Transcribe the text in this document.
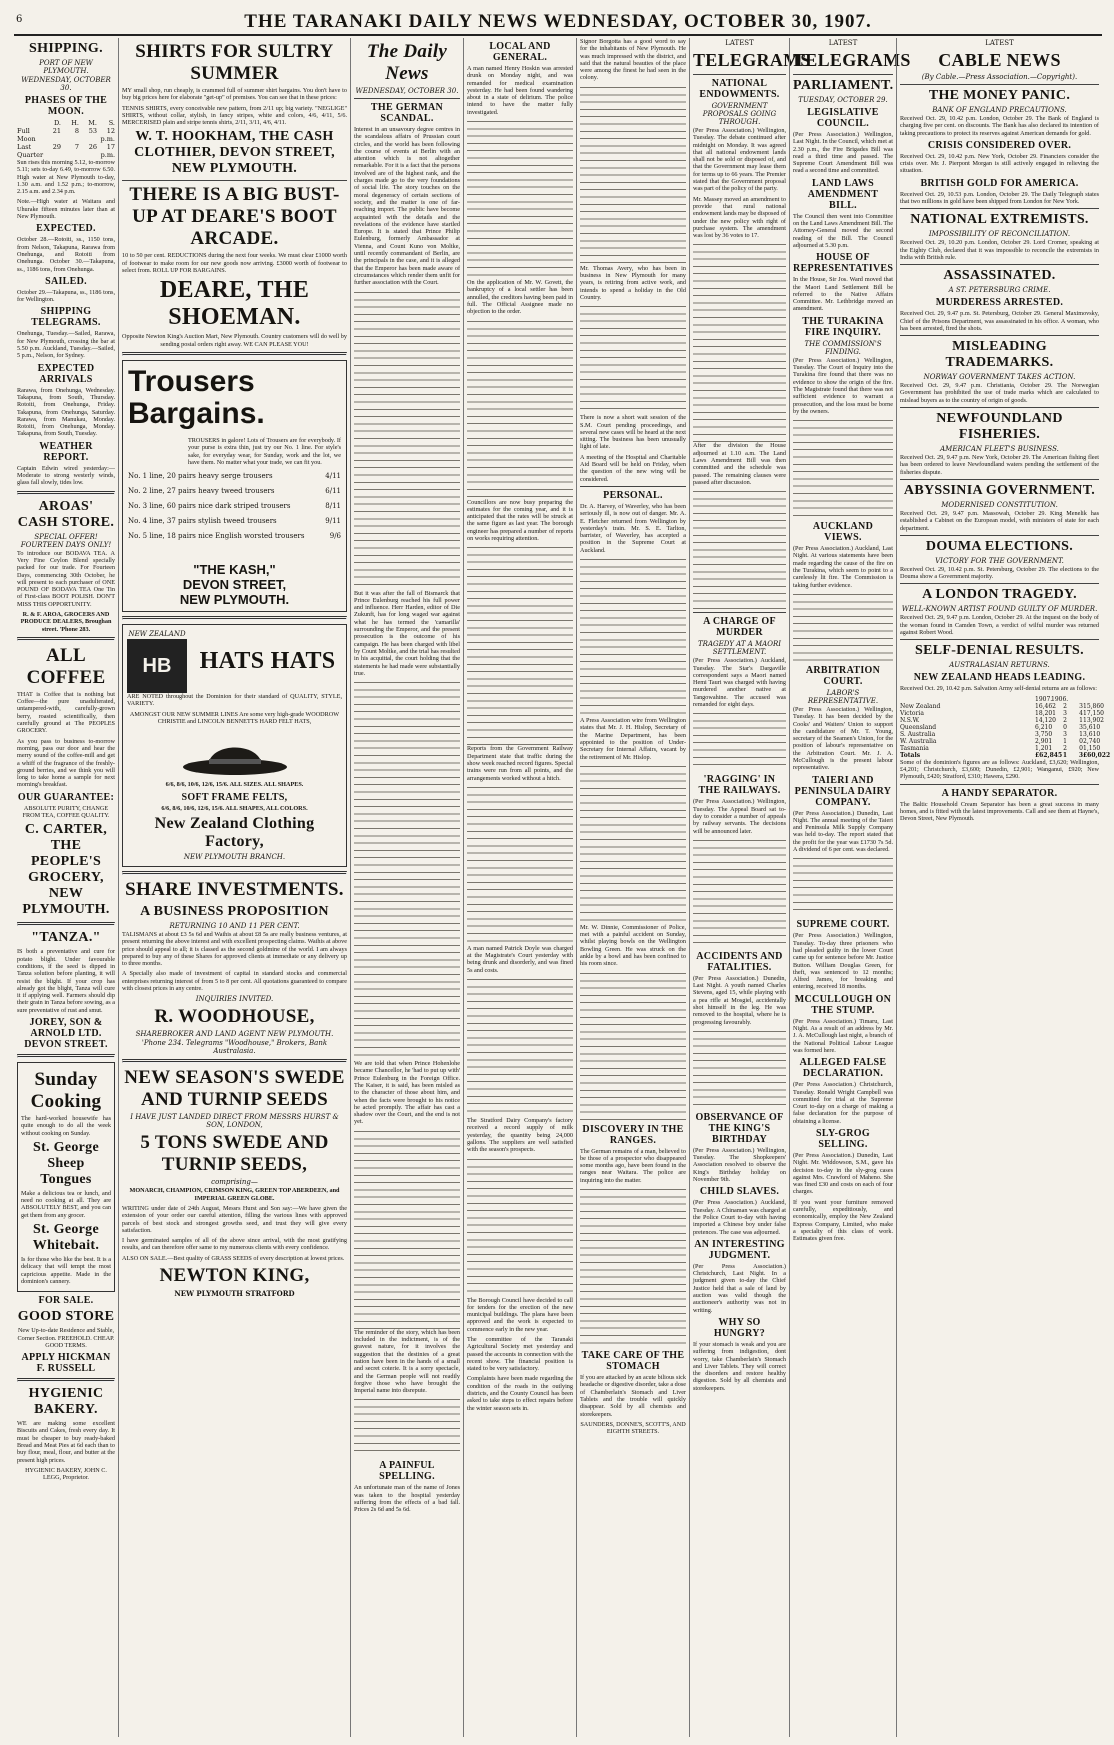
6	THE TARANAKI DAILY NEWS WEDNESDAY, OCTOBER 30, 1907.
SHIPPING.
PORT OF NEW PLYMOUTH.
WEDNESDAY, OCTOBER 30.
PHASES OF THE MOON.
D.	H.	M.	S.
Full Moon
21	8	53	12 p.m.
Last Quarter
29	7	26	17 p.m.

Sun rises this morning 5.12, to-morrow 5.11; sets to-day 6.49, to-morrow 6.50. High water at New Plymouth to-day, 1.30 a.m. and 1.52 p.m.; to-morrow, 2.15 a.m. and 2.34 p.m.

Note.—High water at Waitara and Uhurake fifteen minutes later than at New Plymouth.

EXPECTED.

October 28.—Rotoiti, ss., 1150 tons, from Nelson, Takapuna, Rarawa from Onehunga, and Rotoiti from Onehunga. October 30.—Takapuna, ss., 1186 tons, from Onehunga.

SAILED.

October 29.—Takapuna, ss., 1186 tons, for Wellington.

SHIPPING TELEGRAMS.

Onehunga, Tuesday.—Sailed, Rarawa, for New Plymouth, crossing the bar at 5.50 p.m. Auckland, Tuesday.—Sailed, 5 p.m., Nelson, for Sydney.

EXPECTED ARRIVALS

Rarawa, from Onehunga, Wednesday. Takapuna, from South, Thursday. Rotoiti, from Onehunga, Friday. Takapuna, from Onehunga, Saturday. Rarawa, from Manukau, Monday. Rotoiti, from Onehunga, Monday. Takapuna, from South, Tuesday.

WEATHER REPORT.

Captain Edwin wired yesterday:— Moderate to strong westerly winds, glass fall slowly, tides low.

AROAS' CASH STORE.
SPECIAL OFFER! FOURTEEN DAYS ONLY!

To introduce our BODAVA TEA. A Very Fine Ceylon Blend specially packed for our trade. For Fourteen Days, commencing 30th October, he will present to each purchaser of ONE POUND OF BODAVA TEA One Tin of First-class BOOT POLISH. DON'T MISS THIS OPPORTUNITY.

R. & F. AROA, GROCERS AND PRODUCE DEALERS, Broughan street. 'Phone 283.

ALL COFFEE

THAT is Coffee that is nothing but Coffee—the pure unadulterated, untampered-with, carefully-grown berry, roasted scientifically, then carefully ground at The PEOPLES GROCERY.

As you pass to business to-morrow morning, pass our door and hear the merry sound of the coffee-mill and get a whiff of the fragrance of the freshly-ground berries, and we think you will long to take home a sample for next morning's breakfast.

OUR GUARANTEE:

ABSOLUTE PURITY, CHANGE FROM TEA, COFFEE QUALITY.

C. CARTER, THE PEOPLE'S GROCERY, NEW PLYMOUTH.
"TANZA."

IS both a preventative and cure for potato blight. Under favourable conditions, if the seed is dipped in Tanza solution before planting, it will resist the blight. If your crop has already got the blight, Tanza will cure it if applying well. Farmers should dip their grain in Tanza before sowing, as a sure preventative of rust and smut.

JOREY, SON & ARNOLD LTD. DEVON STREET.
Sunday Cooking

The hard-worked housewife has quite enough to do all the week without cooking on Sunday.

St. George Sheep Tongues

Make a delicious tea or lunch, and need no cooking at all. They are ABSOLUTELY BEST, and you can get them from any grocer.

St. George Whitebait.

Is for those who like the best. It is a delicacy that will tempt the most capricious appetite. Made in the dominion's cannery.

FOR SALE.
GOOD STORE

New Up-to-date Residence and Stable, Corner Section. FREEHOLD. CHEAP. GOOD TERMS.

APPLY HICKMAN F. RUSSELL
HYGIENIC BAKERY.

WE are making some excellent Biscuits and Cakes, fresh every day. It must be cheaper to buy ready-baked Bread and Meat Pies at 6d each than to buy flour, meal, flour, and butter at the present high prices.

HYGIENIC BAKERY, JOHN C. LEGG, Proprietor.

SHIRTS FOR SULTRY SUMMER

MY small shop, run cheaply, is crammed full of summer shirt bargains. You don't have to buy big prices here for elaborate "get-up" of premises. You can see that in these prices:

TENNIS SHIRTS, every conceivable new pattern, from 2/11 up; big variety. "NEGLIGE" SHIRTS, without collar, stylish, in fancy stripes, white and colors, 4/6, 4/11, 5/6. MERCERISED plain and stripe tennis shirts, 2/11, 3/11, 4/6, 4/11.

W. T. HOOKHAM, THE CASH CLOTHIER, DEVON STREET, NEW PLYMOUTH.
THERE IS A BIG BUST-UP AT DEARE'S BOOT ARCADE.

10 to 50 per cent. REDUCTIONS during the next four weeks. We must clear £1000 worth of footwear to make room for our new goods now arriving. £3000 worth of footwear to select from. ROLL UP FOR BARGAINS.

DEARE, THE SHOEMAN.

Opposite Newton King's Auction Mart, New Plymouth. Country customers will do well by sending postal orders right away. WE CAN PLEASE YOU!

Trousers
Bargains.

TROUSERS in galore! Lots of Trousers are for everybody. If your purse is extra thin, just try our No. 1 line. For style's sake, for everyday wear, for Sunday, work and the lot, we have them. No matter what your trade, we can fit you.

No. 1 line, 20 pairs heavy serge trousers	4/11
No. 2 line, 27 pairs heavy tweed trousers	6/11
No. 3 line, 60 pairs nice dark striped trousers	8/11
No. 4 line, 37 pairs stylish tweed trousers	9/11
No. 5 line, 18 pairs nice English worsted trousers	9/6
"THE KASH,"
DEVON STREET,
NEW PLYMOUTH.
NEW ZEALAND
HB	HATS HATS

ARE NOTED throughout the Dominion for their standard of QUALITY, STYLE, VARIETY.

AMONGST OUR NEW SUMMER LINES Are some very high-grade WOODROW CHRISTIE and LINCOLN BENNETTS HARD FELT HATS,

6/6, 8/6, 10/6, 12/6, 15/6. ALL SIZES. ALL SHAPES.

SOFT FRAME FELTS,

6/6, 8/6, 10/6, 12/6, 15/6. ALL SHAPES, ALL COLORS.

New Zealand Clothing Factory,
NEW PLYMOUTH BRANCH.
SHARE INVESTMENTS.
A BUSINESS PROPOSITION
RETURNING 10 AND 11 PER CENT.

TALISMANS at about £3 5s 6d and Waihis at about £8 5s are really business ventures, at present returning the above interest and with excellent prospecting claims. Waihis at above price should appeal to all; it is classed as the second goldmine of the world. I am always prepared to buy any of these Shares for approved clients at immediate or any delivery up to three months.

A Specially also made of investment of capital in standard stocks and commercial enterprises returning interest of from 5 to 8 per cent. All quotations guaranteed to compare with closest prices in any centre.

INQUIRIES INVITED.
R. WOODHOUSE,
SHAREBROKER AND LAND AGENT NEW PLYMOUTH.
'Phone 234. Telegrams "Woodhouse," Brokers, Bank Australasia.
NEW SEASON'S SWEDE AND TURNIP SEEDS
I HAVE JUST LANDED DIRECT FROM MESSRS HURST & SON, LONDON,
5 TONS SWEDE AND TURNIP SEEDS,
comprising—

MONARCH, CHAMPION, CRIMSON KING, GREEN TOP ABERDEEN, and IMPERIAL GREEN GLOBE.

WRITING under date of 24th August, Messrs Hurst and Son say:—We have given the extension of your order our careful attention, filling the various lines with approved parcels of best stock and strongest growths seed, and trust they will give every satisfaction.

I have germinated samples of all of the above since arrival, with the most gratifying results, and can therefore offer same to my numerous clients with every confidence.

ALSO ON SALE.—Best quality of GRASS SEEDS of every description at lowest prices.

NEWTON KING,
NEW PLYMOUTH STRATFORD
The Daily News
WEDNESDAY, OCTOBER 30.
THE GERMAN SCANDAL.

Interest in an unsavoury degree centres in the scandalous affairs of Prussian court circles, and the world has been following the course of events at Berlin with an attention which is not altogether remarkable. For it is a fact that the persons involved are of the highest rank, and the charges made go to the very foundations of social life. The story touches on the moral degeneracy of certain sections of society, and the matter is one of far-reaching import. The public have become acquainted with the details and the revelations of the evidence have startled Europe. It is stated that Prince Philip Eulenburg, formerly Ambassador at Vienna, and Count Kuno von Moltke, until recently commandant of Berlin, are the principals in the case, and it is alleged that the Emperor has been made aware of circumstances which render them unfit for further association with the Court.

But it was after the fall of Bismarck that Prince Eulenburg reached his full power and influence. Herr Harden, editor of Die Zukunft, has for long waged war against what he has termed the 'camarilla' surrounding the Emperor, and the present prosecution is the outcome of his campaign. He has been charged with libel by Count Moltke, and the trial has resulted in his acquittal, the court holding that the statements he had made were substantially true.

We are told that when Prince Hohenlohe became Chancellor, he 'had to put up with' Prince Eulenburg in the Foreign Office. The Kaiser, it is said, has been misled as to the character of those about him, and when the facts were brought to his notice he acted promptly. The affair has cast a shadow over the Court, and the end is not yet.

The reminder of the story, which has been included in the indictment, is of the gravest nature, for it involves the suggestion that the destinies of a great nation have been in the hands of a small and secret coterie. It is a sorry spectacle, and the German people will not readily forgive those who have brought the Imperial name into disrepute.

A PAINFUL SPELLING.

An unfortunate man of the name of Jones was taken to the hospital yesterday suffering from the effects of a bad fall. Prices 2s 6d and 5s 6d.

LOCAL AND GENERAL.

A man named Henry Hoskin was arrested drunk on Monday night, and was remanded for medical examination yesterday. He had been found wandering about in a state of delirium. The police intend to have the matter fully investigated.

On the application of Mr. W. Govett, the bankruptcy of a local settler has been annulled, the creditors having been paid in full. The Official Assignee made no objection to the order.

Councillors are now busy preparing the estimates for the coming year, and it is anticipated that the rates will be struck at the same figure as last year. The borough engineer has prepared a number of reports on works requiring attention.

Reports from the Government Railway Department state that traffic during the show week reached record figures. Special trains were run from all points, and the arrangements worked without a hitch.

A man named Patrick Doyle was charged at the Magistrate's Court yesterday with being drunk and disorderly, and was fined 5s and costs.

The Stratford Dairy Company's factory received a record supply of milk yesterday, the quantity being 24,000 gallons. The suppliers are well satisfied with the season's prospects.

The Borough Council have decided to call for tenders for the erection of the new municipal buildings. The plans have been approved and the work is expected to commence early in the new year.

The committee of the Taranaki Agricultural Society met yesterday and passed the accounts in connection with the recent show. The financial position is stated to be very satisfactory.

Complaints have been made regarding the condition of the roads in the outlying districts, and the County Council has been asked to take steps to effect repairs before the winter season sets in.

Signor Borgotta has a good word to say for the inhabitants of New Plymouth. He was much impressed with the district, and said that the natural beauties of the place were among the finest he had seen in the colony.

Mr. Thomas Avery, who has been in business in New Plymouth for many years, is retiring from active work, and intends to spend a holiday in the Old Country.

There is now a short wait session of the S.M. Court pending proceedings, and several new cases will be heard at the next sitting. The business has been unusually light of late.

A meeting of the Hospital and Charitable Aid Board will be held on Friday, when the question of the new wing will be considered.

PERSONAL.

Dr. A. Harvey, of Waverley, who has been seriously ill, is now out of danger. Mr. A. E. Fletcher returned from Wellington by yesterday's train. Mr. S. E. Tarlton, barrister, of Waverley, has accepted a position in the Supreme Court at Auckland.

A Press Association wire from Wellington states that Mr. J. H. Hislop, Secretary of the Marine Department, has been appointed to the position of Under-Secretary for Internal Affairs, vacant by the retirement of Mr. Hislop.

Mr. W. Dinnie, Commissioner of Police, met with a painful accident on Sunday, whilst playing bowls on the Wellington Bowling Green. He was struck on the ankle by a bowl and has been confined to his room since.

DISCOVERY IN THE RANGES.

The German remains of a man, believed to be those of a prospector who disappeared some months ago, have been found in the ranges near Waitara. The police are inquiring into the matter.

TAKE CARE OF THE STOMACH

If you are attacked by an acute bilious sick headache or digestive disorder, take a dose of Chamberlain's Stomach and Liver Tablets and the trouble will quickly disappear. Sold by all chemists and storekeepers.

SAUNDERS, DONNE'S, SCOTT'S, AND EIGHTH STREETS.

LATEST
TELEGRAMS
NATIONAL ENDOWMENTS.
GOVERNMENT PROPOSALS GOING THROUGH.

(Per Press Association.) Wellington, Tuesday. The debate continued after midnight on Monday. It was agreed that all national endowment lands shall not be sold or disposed of, and that the Government may lease them for terms up to 66 years. The Premier stated that the Government proposal was part of the policy of the party.

Mr. Massey moved an amendment to provide that rural national endowment lands may be disposed of under the new policy with right of purchase system. The amendment was lost by 36 votes to 17.

After the division the House adjourned at 1.10 a.m. The Land Laws Amendment Bill was then committed and the schedule was passed. The remaining clauses were passed after discussion.

A CHARGE OF MURDER
TRAGEDY AT A MAORI SETTLEMENT.

(Per Press Association.) Auckland, Tuesday. The Star's Dargaville correspondent says a Maori named Hemi Tauri was charged with having murdered another native at Tangowahine. The accused was remanded for eight days.

'RAGGING' IN THE RAILWAYS.

(Per Press Association.) Wellington, Tuesday. The Appeal Board sat to-day to consider a number of appeals by railway servants. The decisions will be announced later.

ACCIDENTS AND FATALITIES.

(Per Press Association.) Dunedin, Last Night. A youth named Charles Stevens, aged 15, while playing with a pea rifle at Mosgiel, accidentally shot himself in the leg. He was removed to the hospital, where he is progressing favourably.

OBSERVANCE OF THE KING'S BIRTHDAY

(Per Press Association.) Wellington, Tuesday. The Shopkeepers' Association resolved to observe the King's Birthday holiday on November 9th.

CHILD SLAVES.

(Per Press Association.) Auckland, Tuesday. A Chinaman was charged at the Police Court to-day with having imported a Chinese boy under false pretences. The case was adjourned.

AN INTERESTING JUDGMENT.

(Per Press Association.) Christchurch, Last Night. In a judgment given to-day the Chief Justice held that a sale of land by auction was valid though the auctioneer's authority was not in writing.

WHY SO HUNGRY?

If your stomach is weak and you are suffering from indigestion, dont worry, take Chamberlain's Stomach and Liver Tablets. They will correct the disorders and restore healthy digestion. Sold by all chemists and storekeepers.

LATEST
TELEGRAMS
PARLIAMENT.
TUESDAY, OCTOBER 29.
LEGISLATIVE COUNCIL.

(Per Press Association.) Wellington, Last Night. In the Council, which met at 2.30 p.m., the Fire Brigades Bill was read a third time and passed. The Supreme Court Amendment Bill was read a second time and committed.

LAND LAWS AMENDMENT BILL.

The Council then went into Committee on the Land Laws Amendment Bill. The Attorney-General moved the second reading of the Bill. The Council adjourned at 5.30 p.m.

HOUSE OF REPRESENTATIVES

In the House, Sir Jos. Ward moved that the Maori Land Settlement Bill be referred to the Native Affairs Committee. Mr. Lethbridge moved an amendment.

THE TURAKINA FIRE INQUIRY.
THE COMMISSION'S FINDING.

(Per Press Association.) Wellington, Tuesday. The Court of Inquiry into the Turakina fire found that there was no evidence to show the origin of the fire. The Magistrate found that there was not sufficient evidence to warrant a prosecution, and the loss must be borne by the owners.

AUCKLAND VIEWS.

(Per Press Association.) Auckland, Last Night. At various statements have been made regarding the cause of the fire on the Turakina, which seem to point to a carelessly lit fire. The Commission is taking further evidence.

ARBITRATION COURT.
LABOR'S REPRESENTATIVE.

(Per Press Association.) Wellington, Tuesday. It has been decided by the Cooks' and Waiters' Union to support the candidature of Mr. T. Young, secretary of the Seamen's Union, for the position of labour's representative on the Arbitration Court. Mr. J. A. McCullough is the present labour representative.

TAIERI AND PENINSULA DAIRY COMPANY.

(Per Press Association.) Dunedin, Last Night. The annual meeting of the Taieri and Peninsula Milk Supply Company was held to-day. The report stated that the profit for the year was £1730 7s 5d. A dividend of 6 per cent. was declared.

SUPREME COURT.

(Per Press Association.) Wellington, Tuesday. To-day three prisoners who had pleaded guilty in the lower Court came up for sentence before Mr. Justice Button. William Douglas Green, for theft, was sentenced to 12 months; Alfred James, for breaking and entering, received 18 months.

MCCULLOUGH ON THE STUMP.

(Per Press Association.) Timaru, Last Night. As a result of an address by Mr. J. A. McCullough last night, a branch of the National Political Labour League was formed here.

ALLEGED FALSE DECLARATION.

(Per Press Association.) Christchurch, Tuesday. Ronald Wright Campbell was committed for trial at the Supreme Court to-day on a charge of making a false declaration for the purpose of obtaining a license.

SLY-GROG SELLING.

(Per Press Association.) Dunedin, Last Night. Mr. Widdowson, S.M., gave his decision to-day in the sly-grog cases against Mrs. Crawford of Maheno. She was fined £30 and costs on each of four charges.

If you want your furniture removed carefully, expeditiously, and economically, employ the New Zealand Express Company, Limited, who make a specialty of this class of work. Estimates given free.

LATEST
CABLE NEWS
(By Cable.—Press Association.—Copyright).
THE MONEY PANIC.
BANK OF ENGLAND PRECAUTIONS.

Received Oct. 29, 10.42 p.m. London, October 29. The Bank of England is charging five per cent. on discounts. The Bank has also declared its intention of taking precautions to protect its reserves against American demands for gold.

CRISIS CONSIDERED OVER.

Received Oct. 29, 10.42 p.m. New York, October 29. Financiers consider the crisis over. Mr. J. Pierpont Morgan is still actively engaged in relieving the situation.

BRITISH GOLD FOR AMERICA.

Received Oct. 29, 10.53 p.m. London, October 29. The Daily Telegraph states that two millions in gold have been shipped from London for New York.

NATIONAL EXTREMISTS.
IMPOSSIBILITY OF RECONCILIATION.

Received Oct. 29, 10.20 p.m. London, October 29. Lord Cromer, speaking at the Eighty Club, declared that it was impossible to reconcile the extremists in India with British rule.

ASSASSINATED.
A ST. PETERSBURG CRIME.
MURDERESS ARRESTED.

Received Oct. 29, 9.47 p.m. St. Petersburg, October 29. General Maximovsky, Chief of the Prisons Department, was assassinated in his office. A woman, who has been arrested, fired the shots.

MISLEADING TRADEMARKS.
NORWAY GOVERNMENT TAKES ACTION.

Received Oct. 29, 9.47 p.m. Christiania, October 29. The Norwegian Government has prohibited the use of trade marks which are calculated to mislead buyers as to the country of origin of goods.

NEWFOUNDLAND FISHERIES.
AMERICAN FLEET'S BUSINESS.

Received Oct. 29, 9.47 p.m. New York, October 29. The American fishing fleet has been ordered to leave Newfoundland waters pending the settlement of the fisheries dispute.

ABYSSINIA GOVERNMENT.
MODERNISED CONSTITUTION.

Received Oct. 29, 9.47 p.m. Massowah, October 29. King Menelik has established a Cabinet on the European model, with ministers of state for each department.

DOUMA ELECTIONS.
VICTORY FOR THE GOVERNMENT.

Received Oct. 29, 10.42 p.m. St. Petersburg, October 29. The elections to the Douma show a Government majority.

A LONDON TRAGEDY.
WELL-KNOWN ARTIST FOUND GUILTY OF MURDER.

Received Oct. 29, 9.47 p.m. London, October 29. At the inquest on the body of the woman found in Camden Town, a verdict of wilful murder was returned against Robert Wood.

SELF-DENIAL RESULTS.
AUSTRALASIAN RETURNS.
NEW ZEALAND HEADS LEADING.

Received Oct. 29, 10.42 p.m. Salvation Army self-denial returns are as follows:

1907.
1906.
New Zealand	16,462	2	3 15,860
Victoria	18,201	3	4 17,150
N.S.W.	14,120	2	1 13,902
Queensland	6,210	0	3 5,610
S. Australia	3,750	3	1 3,610
W. Australia	2,901	1	0 2,740
Tasmania	1,201	2	0 1,150
Totals	£62,845 1	3 £60,022

Some of the dominion's figures are as follows: Auckland, £3,620; Wellington, £4,201; Christchurch, £3,600; Dunedin, £2,901; Wanganui, £920; New Plymouth, £420; Stratford, £310; Hawera, £290.

A HANDY SEPARATOR.

The Baltic Household Cream Separator has been a great success in many homes, and is fitted with the latest improvements. Call and see them at Hayne's, Devon Street, New Plymouth.
